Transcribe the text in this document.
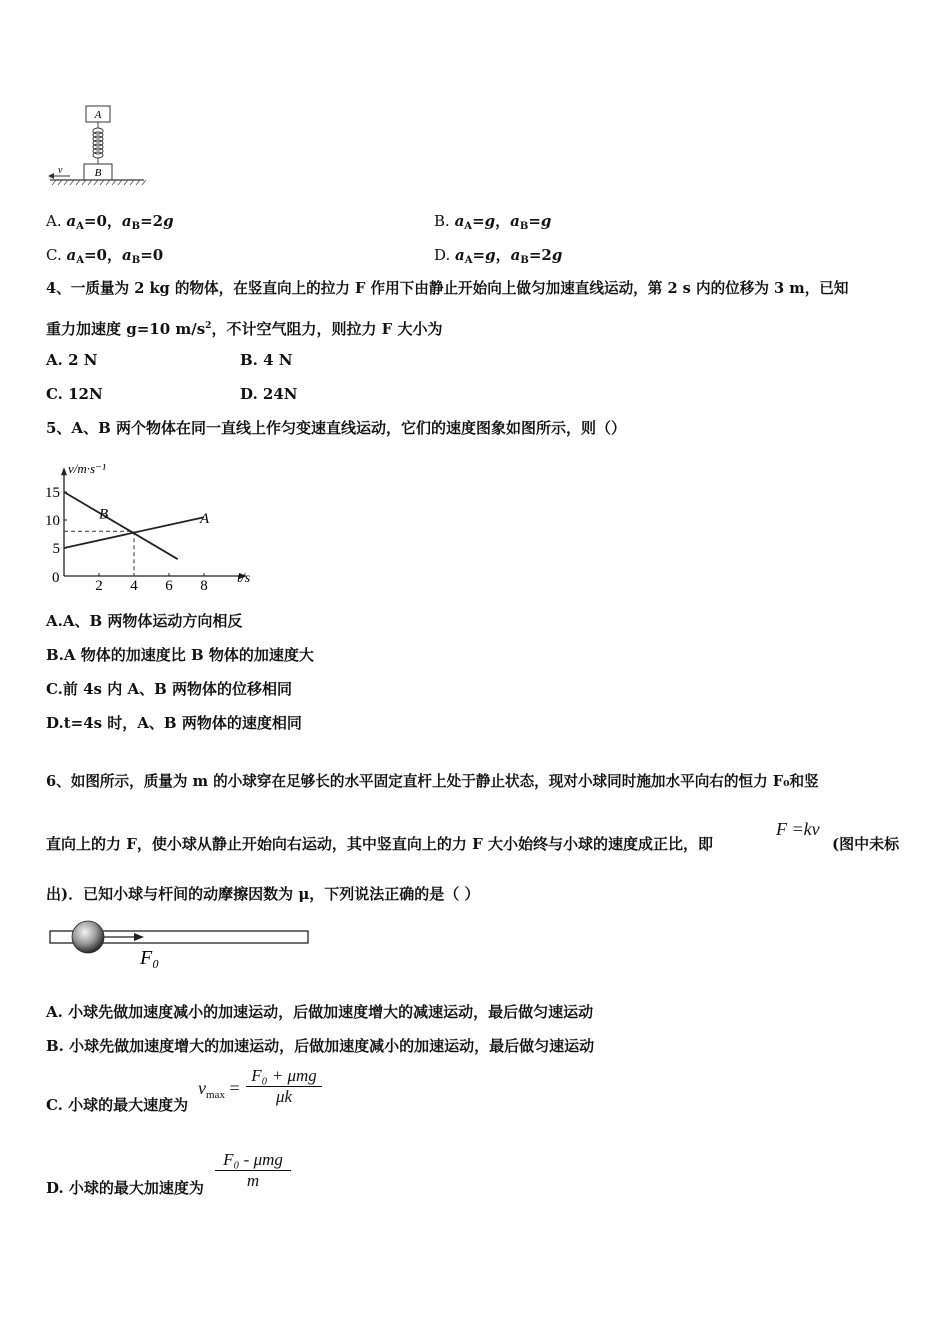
A
B
v
A. $a_A=0$，$a_B=2g$	B. $a_A=g$，$a_B=g$
C. $a_A=0$，$a_B=0$	D. $a_A=g$，$a_B=2g$
4、一质量为 2 kg 的物体，在竖直向上的拉力 F 作用下由静止开始向上做匀加速直线运动，第 2 s 内的位移为 3 m，已知
重力加速度 g=10 $m/s^2$，不计空气阻力，则拉力 F 大小为
A. 2 N	B. 4 N
C. 12N	D. 24N
5、A、B 两个物体在同一直线上作匀变速直线运动，它们的速度图象如图所示，则（）
v/m·s⁻¹
t/s
0 2 4 6 8
5
10
15
A
B
A.A、B 两物体运动方向相反
B.A 物体的加速度比 B 物体的加速度大
C.前 4s 内 A、B 两物体的位移相同
D.t=4s 时，A、B 两物体的速度相同
6、如图所示，质量为 m 的小球穿在足够长的水平固定直杆上处于静止状态，现对小球同时施加水平向右的恒力 F₀和竖
直向上的力 F，使小球从静止开始向右运动，其中竖直向上的力 F 大小始终与小球的速度成正比，即
F =kv
(图中未标
出)．已知小球与杆间的动摩擦因数为 μ，下列说法正确的是（ ）
F₀
A. 小球先做加速度减小的加速运动，后做加速度增大的减速运动，最后做匀速运动
B. 小球先做加速度增大的加速运动，后做加速度减小的加速运动，最后做匀速运动
C. 小球的最大速度为
$v_{max}$ =
F₀ + μmg
μk
D. 小球的最大加速度为
F₀ - μmg
m
